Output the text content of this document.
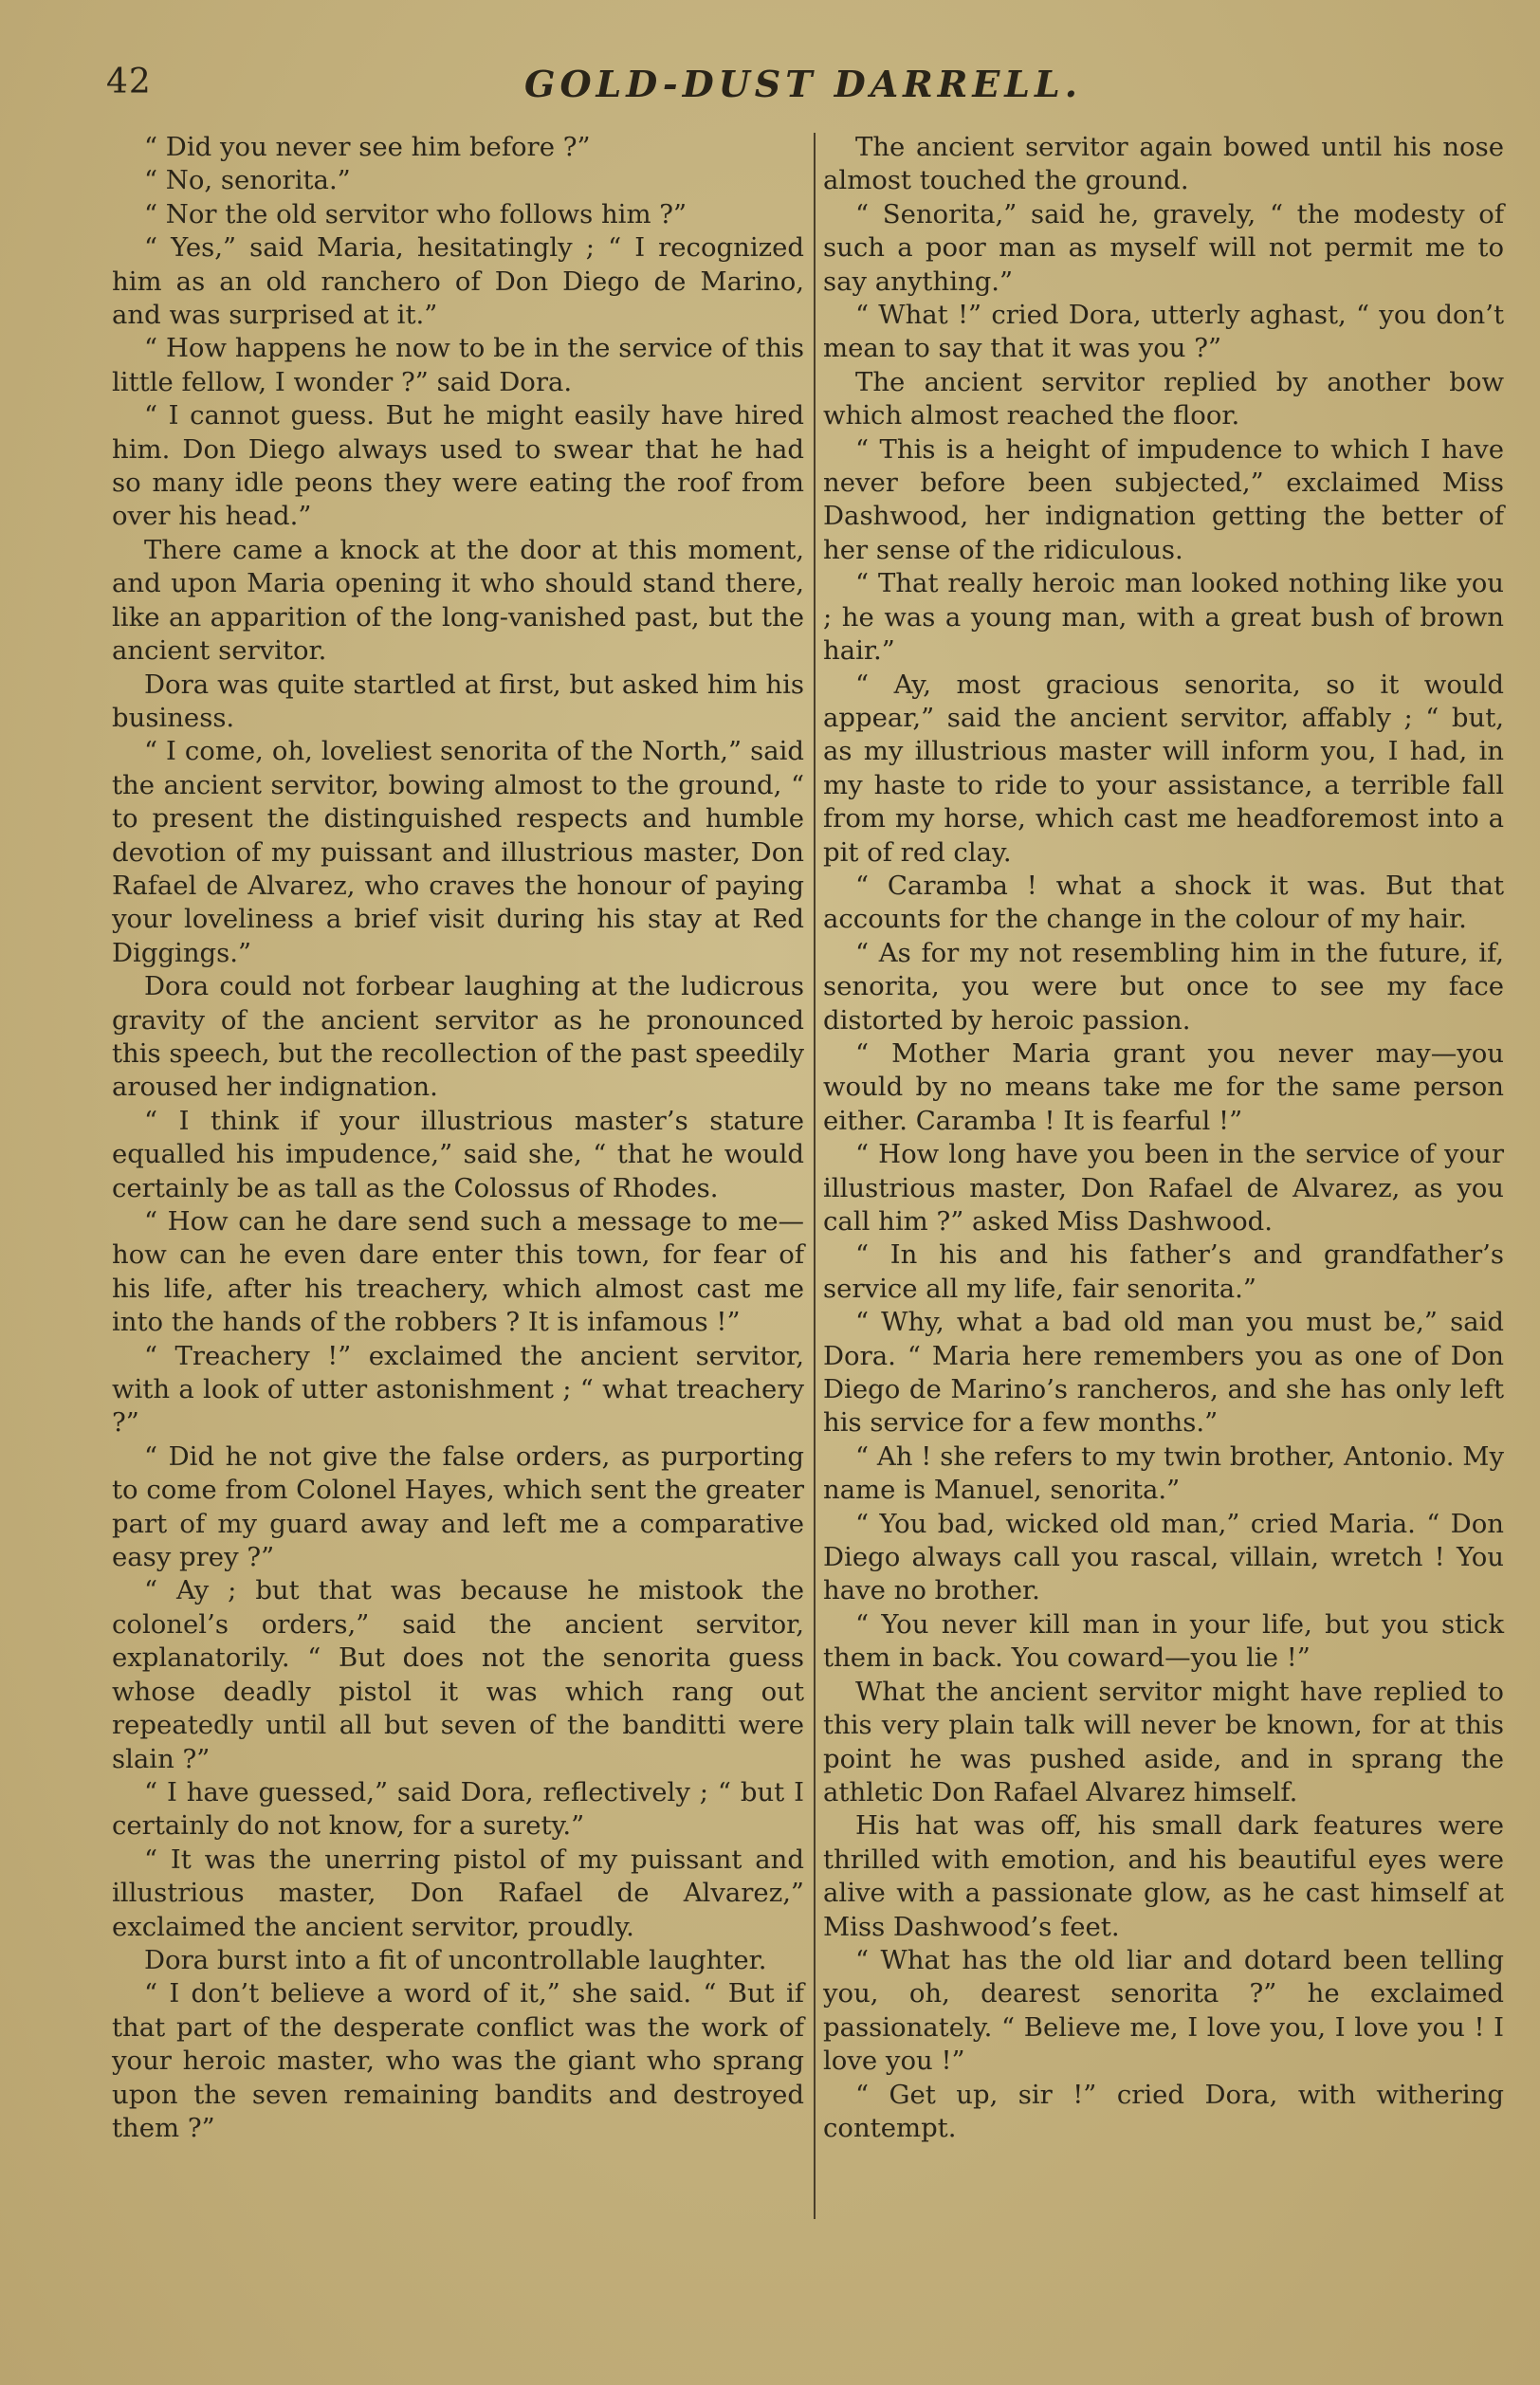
42	GOLD-DUST DARRELL.

“ Did you never see him before ?”

“ No, senorita.”

“ Nor the old servitor who follows him ?”

“ Yes,” said Maria, hesitatingly ; “ I recognized him as an old ranchero of Don Diego de Marino, and was surprised at it.”

“ How happens he now to be in the service of this little fellow, I wonder ?” said Dora.

“ I cannot guess. But he might easily have hired him. Don Diego always used to swear that he had so many idle peons they were eating the roof from over his head.”

There came a knock at the door at this moment, and upon Maria opening it who should stand there, like an apparition of the long-vanished past, but the ancient servitor.

Dora was quite startled at first, but asked him his business.

“ I come, oh, loveliest senorita of the North,” said the ancient servitor, bowing almost to the ground, “ to present the distinguished respects and humble devotion of my puissant and illustrious master, Don Rafael de Alvarez, who craves the honour of paying your loveliness a brief visit during his stay at Red Diggings.”

Dora could not forbear laughing at the ludicrous gravity of the ancient servitor as he pronounced this speech, but the recollection of the past speedily aroused her indignation.

“ I think if your illustrious master’s stature equalled his impudence,” said she, “ that he would certainly be as tall as the Colossus of Rhodes.

“ How can he dare send such a message to me—how can he even dare enter this town, for fear of his life, after his treachery, which almost cast me into the hands of the robbers ? It is infamous !”

“ Treachery !” exclaimed the ancient servitor, with a look of utter astonishment ; “ what treachery ?”

“ Did he not give the false orders, as purporting to come from Colonel Hayes, which sent the greater part of my guard away and left me a comparative easy prey ?”

“ Ay ; but that was because he mistook the colonel’s orders,” said the ancient servitor, explanatorily. “ But does not the senorita guess whose deadly pistol it was which rang out repeatedly until all but seven of the banditti were slain ?”

“ I have guessed,” said Dora, reflectively ; “ but I certainly do not know, for a surety.”

“ It was the unerring pistol of my puissant and illustrious master, Don Rafael de Alvarez,” exclaimed the ancient servitor, proudly.

Dora burst into a fit of uncontrollable laughter.

“ I don’t believe a word of it,” she said. “ But if that part of the desperate conflict was the work of your heroic master, who was the giant who sprang upon the seven remaining bandits and destroyed them ?”

The ancient servitor again bowed until his nose almost touched the ground.

“ Senorita,” said he, gravely, “ the modesty of such a poor man as myself will not permit me to say anything.”

“ What !” cried Dora, utterly aghast, “ you don’t mean to say that it was you ?”

The ancient servitor replied by another bow which almost reached the floor.

“ This is a height of impudence to which I have never before been subjected,” exclaimed Miss Dashwood, her indignation getting the better of her sense of the ridiculous.

“ That really heroic man looked nothing like you ; he was a young man, with a great bush of brown hair.”

“ Ay, most gracious senorita, so it would appear,” said the ancient servitor, affably ; “ but, as my illustrious master will inform you, I had, in my haste to ride to your assistance, a terrible fall from my horse, which cast me headforemost into a pit of red clay.

“ Caramba ! what a shock it was. But that accounts for the change in the colour of my hair.

“ As for my not resembling him in the future, if, senorita, you were but once to see my face distorted by heroic passion.

“ Mother Maria grant you never may—you would by no means take me for the same person either. Caramba ! It is fearful !”

“ How long have you been in the service of your illustrious master, Don Rafael de Alvarez, as you call him ?” asked Miss Dashwood.

“ In his and his father’s and grandfather’s service all my life, fair senorita.”

“ Why, what a bad old man you must be,” said Dora. “ Maria here remembers you as one of Don Diego de Marino’s rancheros, and she has only left his service for a few months.”

“ Ah ! she refers to my twin brother, Antonio. My name is Manuel, senorita.”

“ You bad, wicked old man,” cried Maria. “ Don Diego always call you rascal, villain, wretch ! You have no brother.

“ You never kill man in your life, but you stick them in back. You coward—you lie !”

What the ancient servitor might have replied to this very plain talk will never be known, for at this point he was pushed aside, and in sprang the athletic Don Rafael Alvarez himself.

His hat was off, his small dark features were thrilled with emotion, and his beautiful eyes were alive with a passionate glow, as he cast himself at Miss Dashwood’s feet.

“ What has the old liar and dotard been telling you, oh, dearest senorita ?” he exclaimed passionately. “ Believe me, I love you, I love you ! I love you !”

“ Get up, sir !” cried Dora, with withering contempt.
